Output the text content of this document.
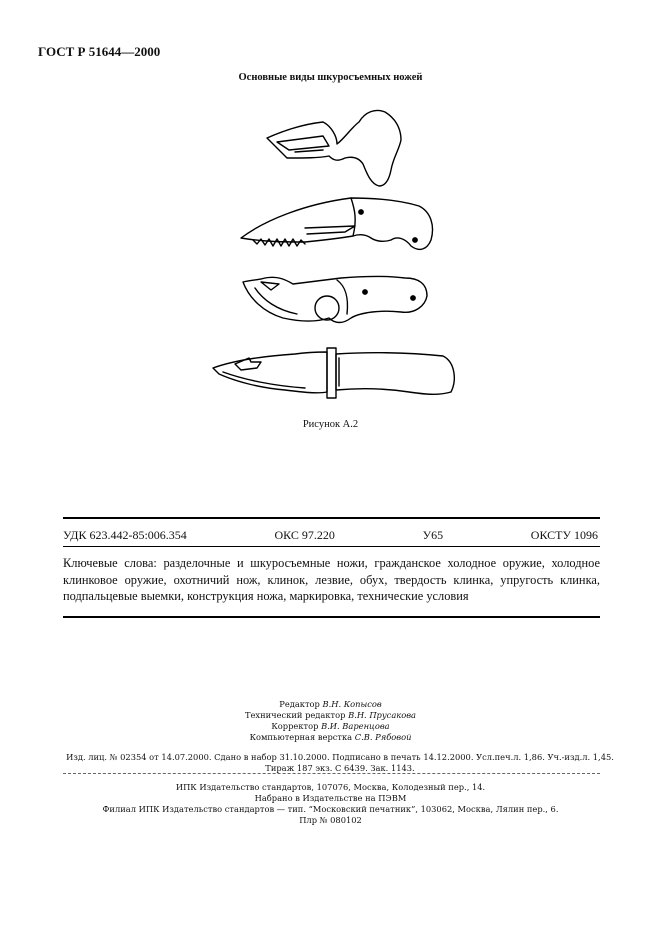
ГОСТ Р 51644—2000
Основные виды шкуросъемных ножей
Рисунок А.2
УДК 623.442-85:006.354	ОКС 97.220	У65	ОКСТУ 1096
Ключевые слова: разделочные и шкуросъемные ножи, гражданское холодное оружие, холодное клинковое оружие, охотничий нож, клинок, лезвие, обух, твердость клинка, упругость клинка, подпальцевые выемки, конструкция ножа, маркировка, технические условия
Редактор В.Н. Копысов
Технический редактор В.Н. Прусакова
Корректор В.И. Варенцова
Компьютерная верстка С.В. Рябовой
Изд. лиц. № 02354 от 14.07.2000. Сдано в набор 31.10.2000. Подписано в печать 14.12.2000. Усл.печ.л. 1,86. Уч.-изд.л. 1,45.
Тираж 187 экз. С 6439. Зак. 1143.
ИПК Издательство стандартов, 107076, Москва, Колодезный пер., 14.
Набрано в Издательстве на ПЭВМ
Филиал ИПК Издательство стандартов — тип. “Московский печатник”, 103062, Москва, Лялин пер., 6.
Плр № 080102
